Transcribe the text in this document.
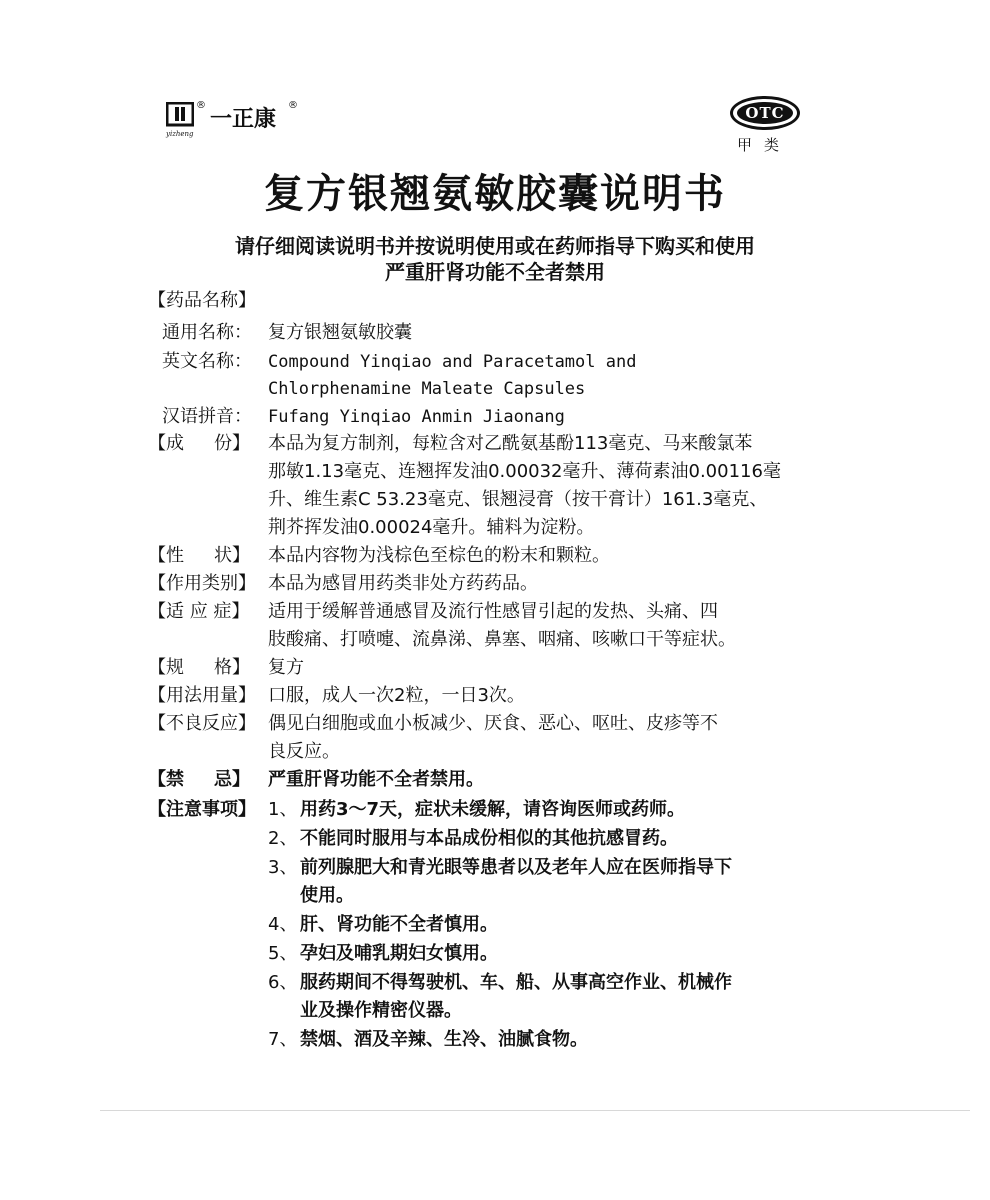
®
一正康
®
yizheng
OTC
甲类
复方银翘氨敏胶囊说明书
请仔细阅读说明书并按说明使用或在药师指导下购买和使用
严重肝肾功能不全者禁用
【药品名称】
通用名称： 复方银翘氨敏胶囊
英文名称： Compound Yinqiao and Paracetamol and
Chlorphenamine Maleate Capsules
汉语拼音： Fufang Yinqiao Anmin Jiaonang
【成 份】 本品为复方制剂，每粒含对乙酰氨基酚113毫克、马来酸氯苯
那敏1.13毫克、连翘挥发油0.00032毫升、薄荷素油0.00116毫
升、维生素C 53.23毫克、银翘浸膏（按干膏计）161.3毫克、
荆芥挥发油0.00024毫升。辅料为淀粉。
【性 状】 本品内容物为浅棕色至棕色的粉末和颗粒。
【作用类别】 本品为感冒用药类非处方药药品。
【适 应 症】 适用于缓解普通感冒及流行性感冒引起的发热、头痛、四
肢酸痛、打喷嚏、流鼻涕、鼻塞、咽痛、咳嗽口干等症状。
【规 格】 复方
【用法用量】 口服，成人一次2粒，一日3次。
【不良反应】 偶见白细胞或血小板减少、厌食、恶心、呕吐、皮疹等不
良反应。
【禁 忌】 严重肝肾功能不全者禁用。
【注意事项】 1、 用药3～7天，症状未缓解，请咨询医师或药师。
2、 不能同时服用与本品成份相似的其他抗感冒药。
3、 前列腺肥大和青光眼等患者以及老年人应在医师指导下
使用。
4、 肝、肾功能不全者慎用。
5、 孕妇及哺乳期妇女慎用。
6、 服药期间不得驾驶机、车、船、从事高空作业、机械作
业及操作精密仪器。
7、 禁烟、酒及辛辣、生冷、油腻食物。
